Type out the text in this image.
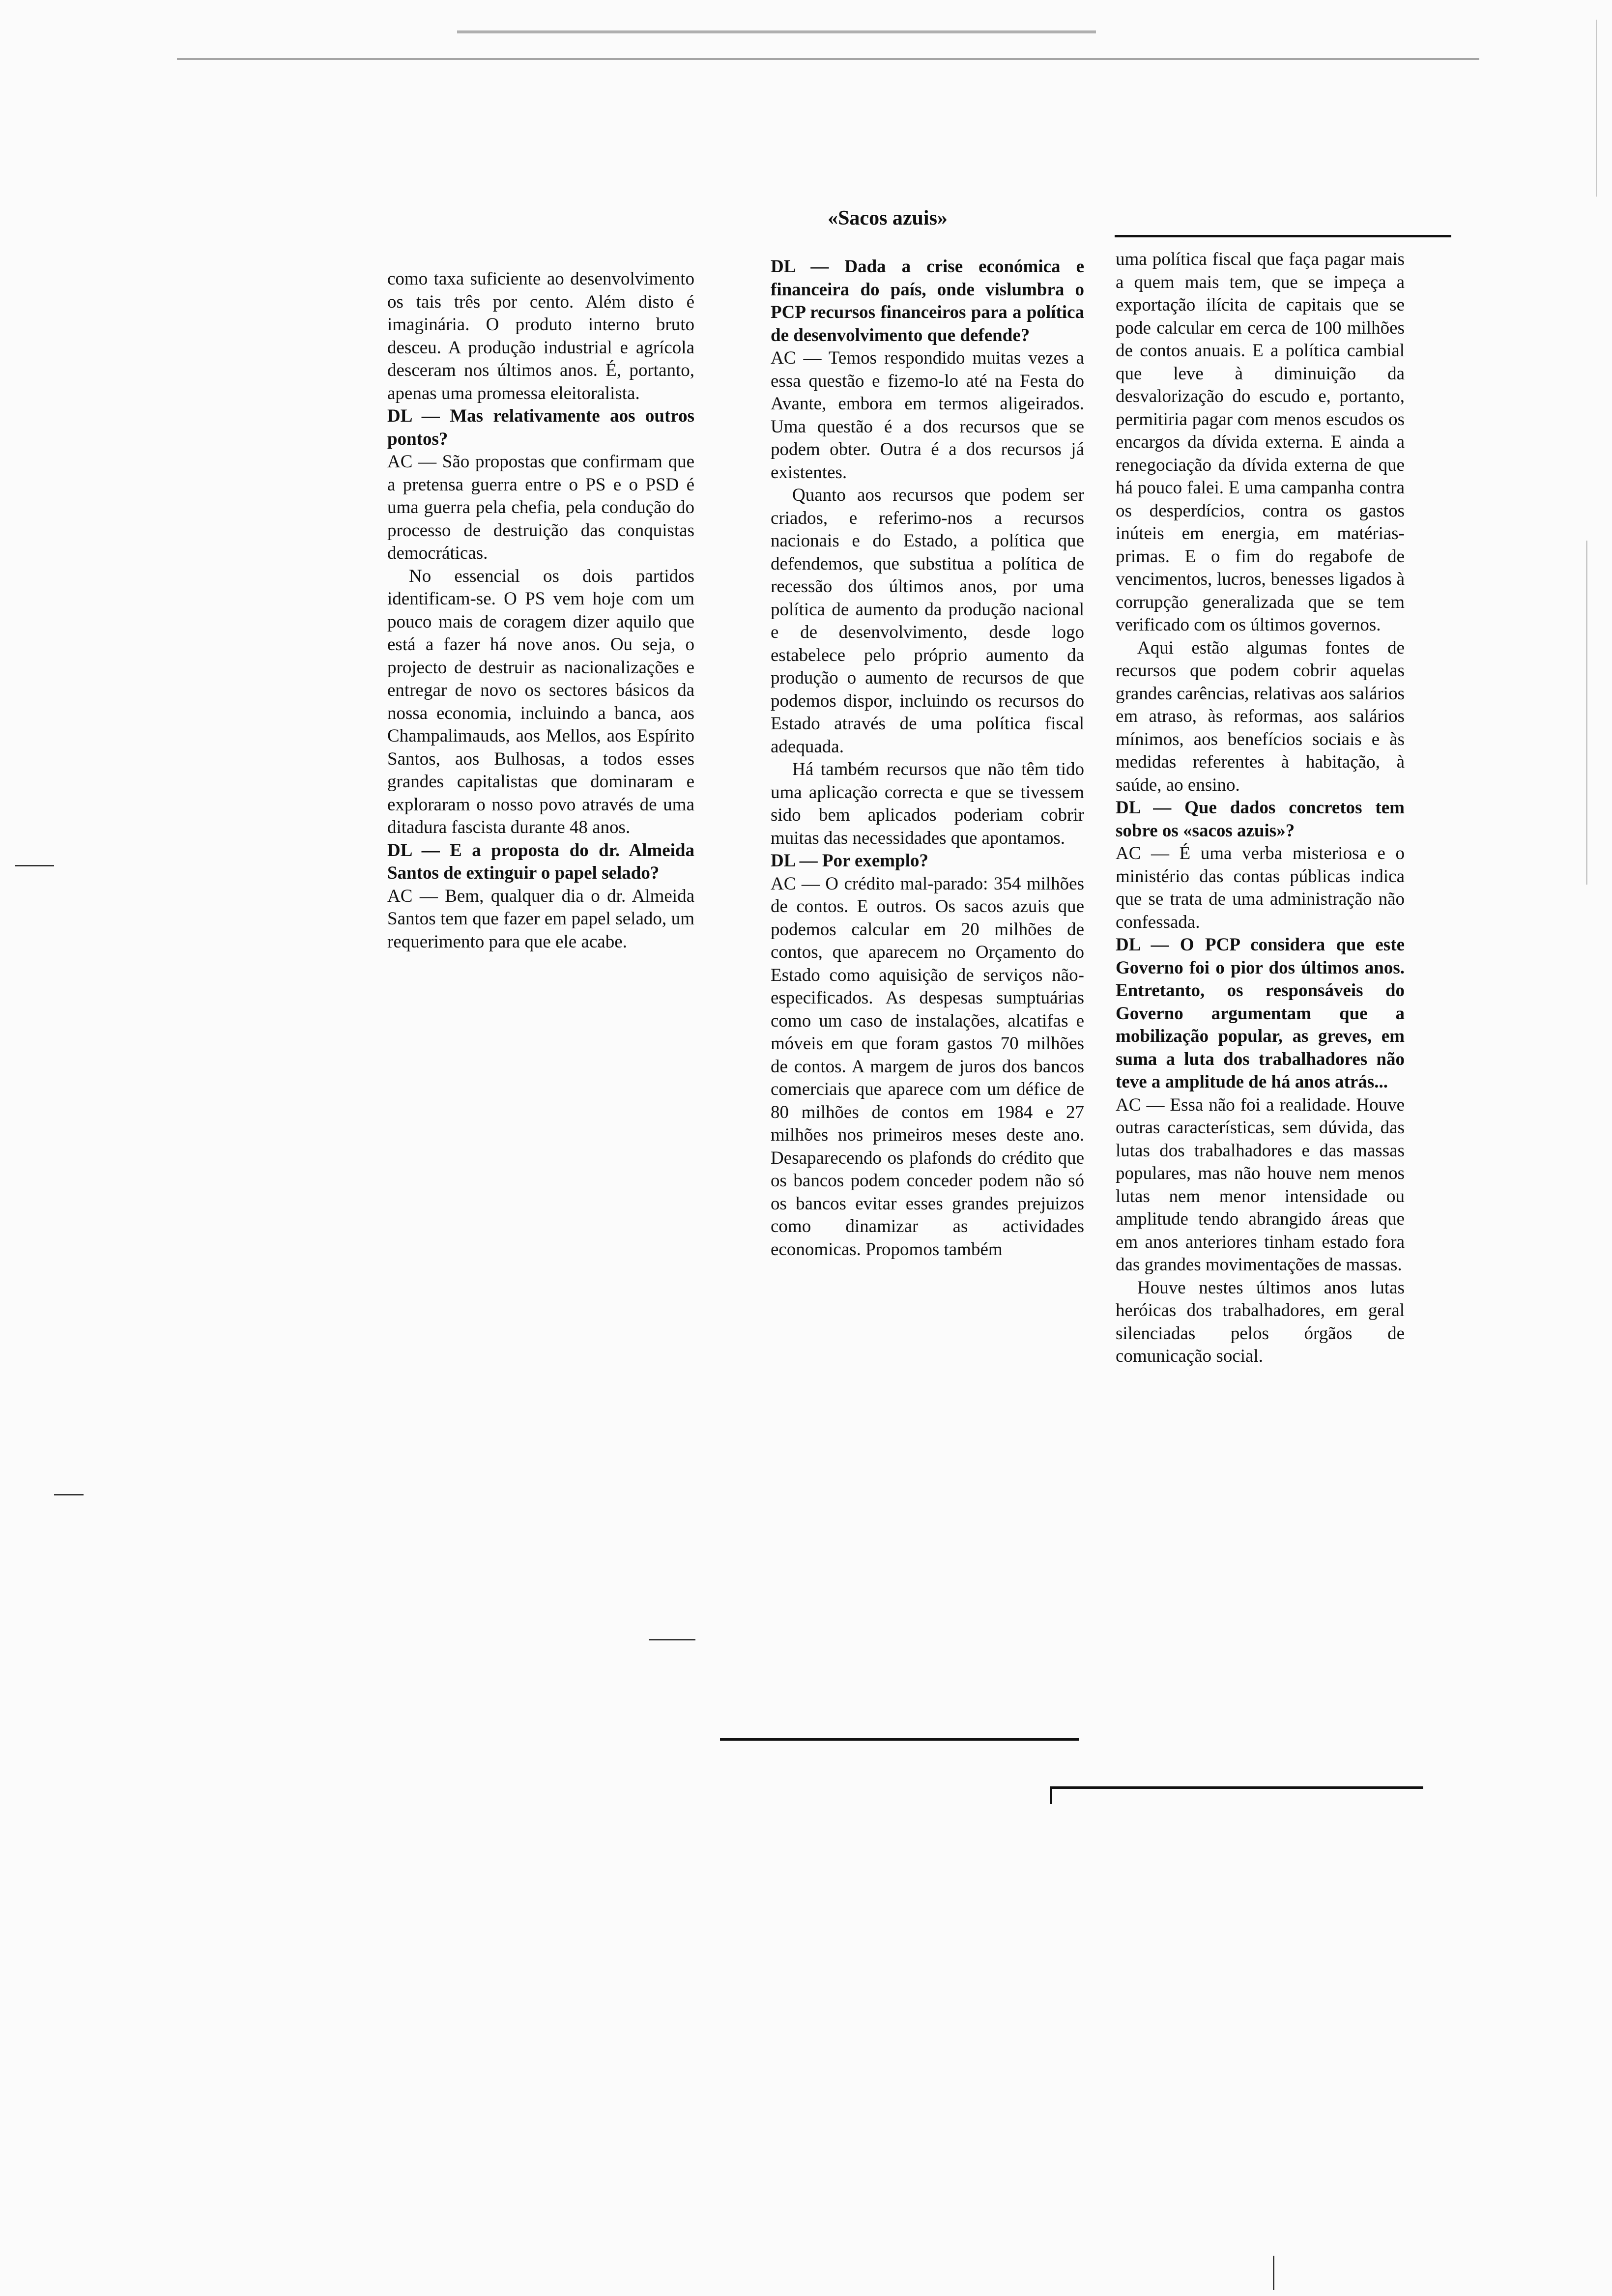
«Sacos azuis»

como taxa suficiente ao desenvolvimento os tais três por cento. Além disto é imaginária. O produto interno bruto desceu. A produção industrial e agrícola desceram nos últimos anos. É, portanto, apenas uma promessa eleitoralista.

DL — Mas relativamente aos outros pontos?

AC — São propostas que confirmam que a pretensa guerra entre o PS e o PSD é uma guerra pela chefia, pela condução do processo de destruição das conquistas democráticas.

No essencial os dois partidos identificam-se. O PS vem hoje com um pouco mais de coragem dizer aquilo que está a fazer há nove anos. Ou seja, o projecto de destruir as nacionalizações e entregar de novo os sectores básicos da nossa economia, incluindo a banca, aos Champalimauds, aos Mellos, aos Espírito Santos, aos Bulhosas, a todos esses grandes capitalistas que dominaram e exploraram o nosso povo através de uma ditadura fascista durante 48 anos.

DL — E a proposta do dr. Almeida Santos de extinguir o papel selado?

AC — Bem, qualquer dia o dr. Almeida Santos tem que fazer em papel selado, um requerimento para que ele acabe.

DL — Dada a crise económica e financeira do país, onde vislumbra o PCP recursos financeiros para a política de desenvolvimento que defende?

AC — Temos respondido muitas vezes a essa questão e fizemo-lo até na Festa do Avante, embora em termos aligeirados. Uma questão é a dos recursos que se podem obter. Outra é a dos recursos já existentes.

Quanto aos recursos que podem ser criados, e referimo-nos a recursos nacionais e do Estado, a política que defendemos, que substitua a política de recessão dos últimos anos, por uma política de aumento da produção nacional e de desenvolvimento, desde logo estabelece pelo próprio aumento da produção o aumento de recursos de que podemos dispor, incluindo os recursos do Estado através de uma política fiscal adequada.

Há também recursos que não têm tido uma aplicação correcta e que se tivessem sido bem aplicados poderiam cobrir muitas das necessidades que apontamos.

DL — Por exemplo?

AC — O crédito mal-parado: 354 milhões de contos. E outros. Os sacos azuis que podemos calcular em 20 milhões de contos, que aparecem no Orçamento do Estado como aquisição de serviços não-especificados. As despesas sumptuárias como um caso de instalações, alcatifas e móveis em que foram gastos 70 milhões de contos. A margem de juros dos bancos comerciais que aparece com um défice de 80 milhões de contos em 1984 e 27 milhões nos primeiros meses deste ano. Desaparecendo os plafonds do crédito que os bancos podem conceder podem não só os bancos evitar esses grandes prejuizos como dinamizar as actividades economicas. Propomos também

uma política fiscal que faça pagar mais a quem mais tem, que se impeça a exportação ilícita de capitais que se pode calcular em cerca de 100 milhões de contos anuais. E a política cambial que leve à diminuição da desvalorização do escudo e, portanto, permitiria pagar com menos escudos os encargos da dívida externa. E ainda a renegociação da dívida externa de que há pouco falei. E uma campanha contra os desperdícios, contra os gastos inúteis em energia, em matérias-primas. E o fim do regabofe de vencimentos, lucros, benesses ligados à corrupção generalizada que se tem verificado com os últimos governos.

Aqui estão algumas fontes de recursos que podem cobrir aquelas grandes carências, relativas aos salários em atraso, às reformas, aos salários mínimos, aos benefícios sociais e às medidas referentes à habitação, à saúde, ao ensino.

DL — Que dados concretos tem sobre os «sacos azuis»?

AC — É uma verba misteriosa e o ministério das contas públicas indica que se trata de uma administração não confessada.

DL — O PCP considera que este Governo foi o pior dos últimos anos. Entretanto, os responsáveis do Governo argumentam que a mobilização popular, as greves, em suma a luta dos trabalhadores não teve a amplitude de há anos atrás...

AC — Essa não foi a realidade. Houve outras características, sem dúvida, das lutas dos trabalhadores e das massas populares, mas não houve nem menos lutas nem menor intensidade ou amplitude tendo abrangido áreas que em anos anteriores tinham estado fora das grandes movimentações de massas.

Houve nestes últimos anos lutas heróicas dos trabalhadores, em geral silenciadas pelos órgãos de comunicação social.
